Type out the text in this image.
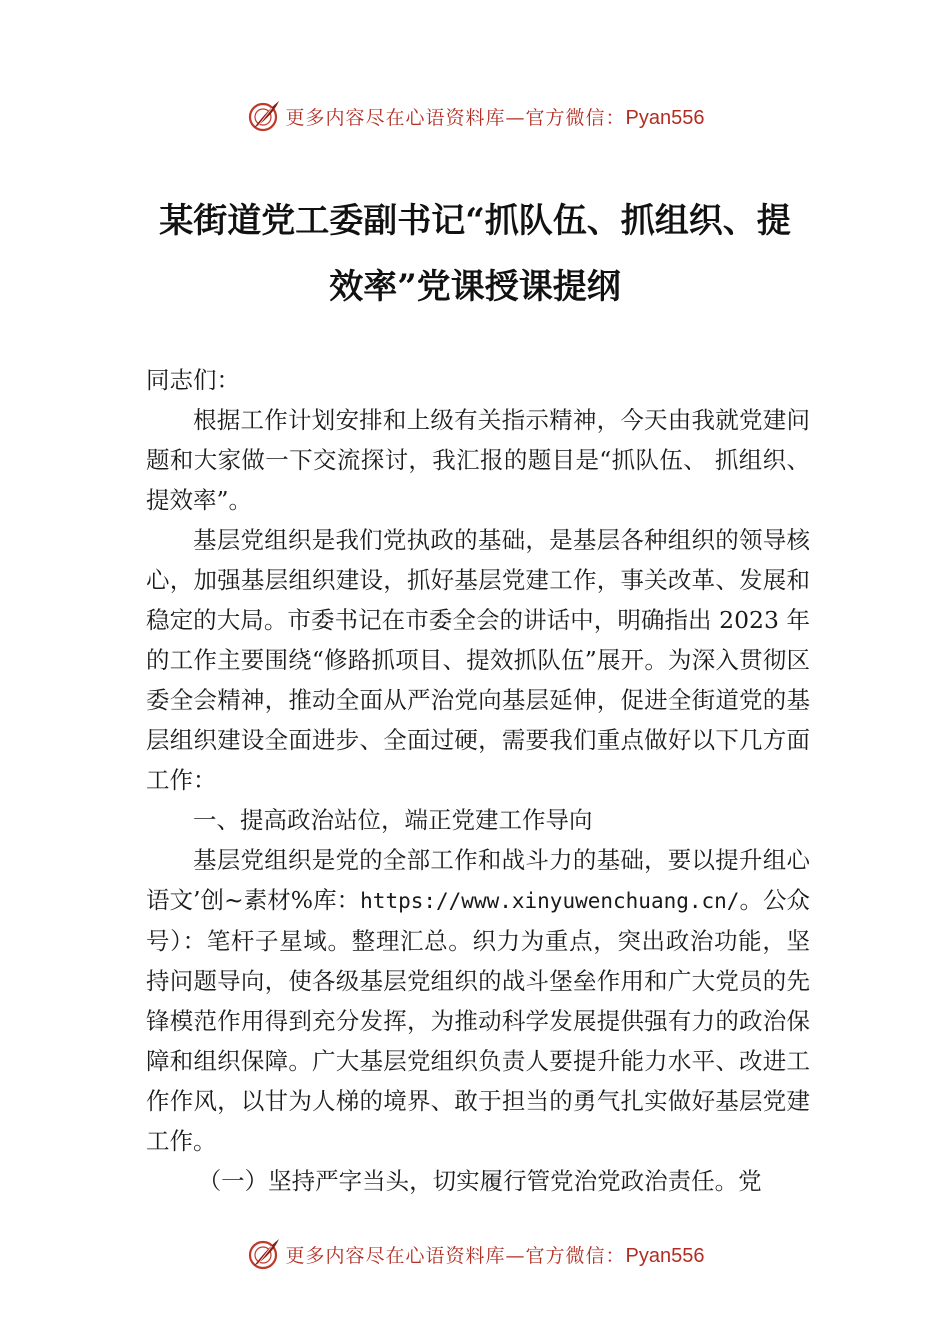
更多内容尽在心语资料库—官方微信：Pyan556
某街道党工委副书记“抓队伍、抓组织、提
效率”党课授课提纲

同志们：

根据工作计划安排和上级有关指示精神，今天由我就党建问题和大家做一下交流探讨，我汇报的题目是“抓队伍、 抓组织、提效率”。

基层党组织是我们党执政的基础，是基层各种组织的领导核心，加强基层组织建设，抓好基层党建工作，事关改革、发展和稳定的大局。市委书记在市委全会的讲话中，明确指出 2023 年的工作主要围绕“修路抓项目、提效抓队伍”展开。为深入贯彻区委全会精神，推动全面从严治党向基层延伸，促进全街道党的基层组织建设全面进步、全面过硬，需要我们重点做好以下几方面工作：

一、提高政治站位，端正党建工作导向

基层党组织是党的全部工作和战斗力的基础，要以提升组心语文’创~素材%库：https://www.xinyuwenchuang.cn/。公众号）：笔杆子星域。整理汇总。织力为重点，突出政治功能，坚持问题导向，使各级基层党组织的战斗堡垒作用和广大党员的先锋模范作用得到充分发挥，为推动科学发展提供强有力的政治保障和组织保障。广大基层党组织负责人要提升能力水平、改进工作作风，以甘为人梯的境界、敢于担当的勇气扎实做好基层党建工作。

（一）坚持严字当头，切实履行管党治党政治责任。党

更多内容尽在心语资料库—官方微信：Pyan556
